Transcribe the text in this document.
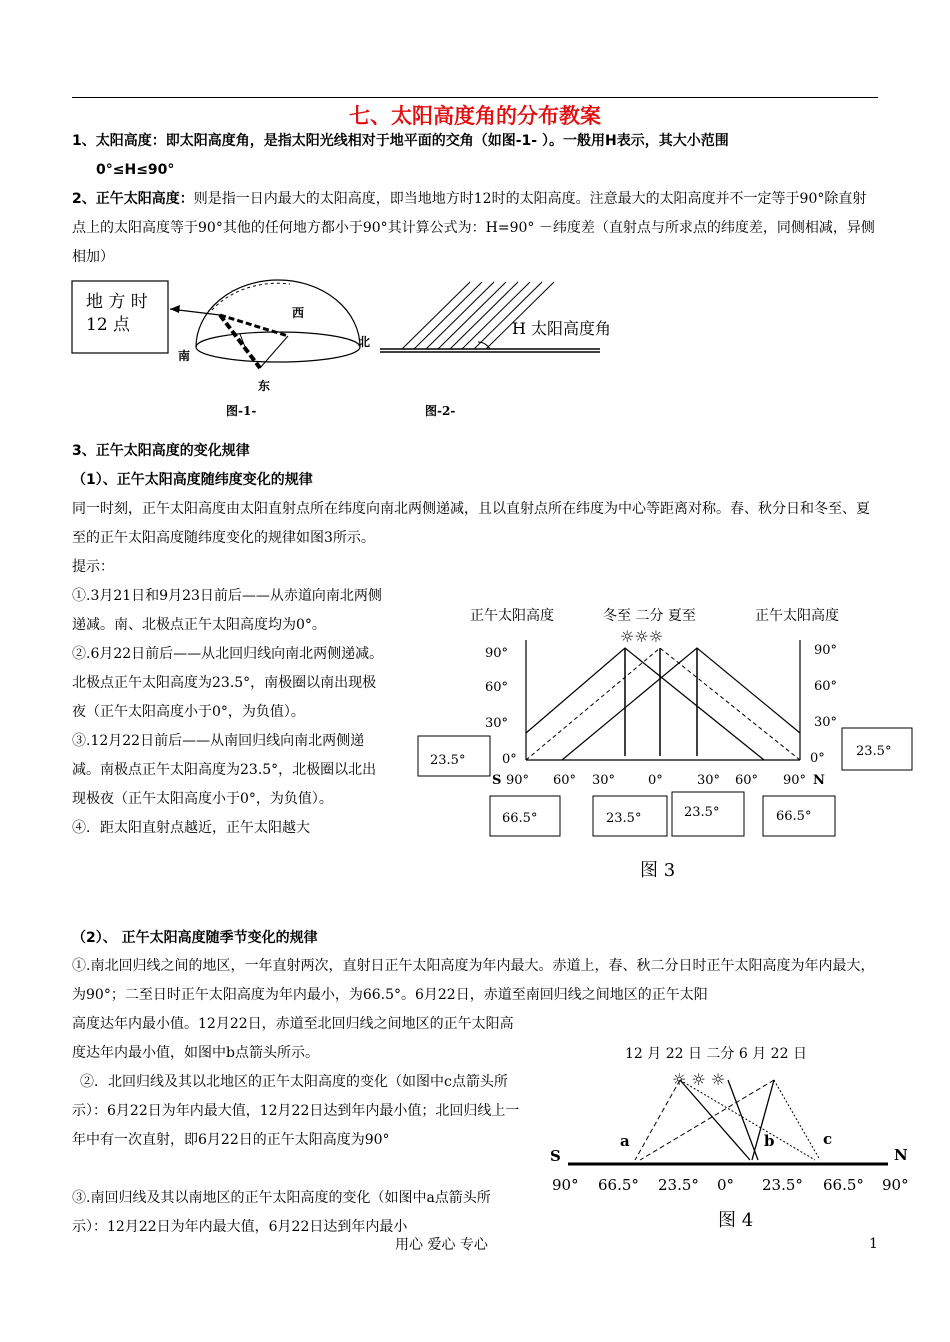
七、太阳高度角的分布教案
1、太阳高度：即太阳高度角，是指太阳光线相对于地平面的交角（如图-1- ）。一般用H表示，其大小范围
0°≤H≤90°
2、正午太阳高度：则是指一日内最大的太阳高度，即当地地方时12时的太阳高度。注意最大的太阳高度并不一定等于90°除直射点上的太阳高度等于90°其他的任何地方都小于90°其计算公式为：H=90° －纬度差（直射点与所求点的纬度差，同侧相减，异侧相加）
地 方 时
12 点
西
北
南
东
图-1-
H 太阳高度角
图-2-
3、正午太阳高度的变化规律
（1）、正午太阳高度随纬度变化的规律
同一时刻，正午太阳高度由太阳直射点所在纬度向南北两侧递减，且以直射点所在纬度为中心等距离对称。春、秋分日和冬至、夏至的正午太阳高度随纬度变化的规律如图3所示。
提示：
①.3月21日和9月23日前后——从赤道向南北两侧递减。南、北极点正午太阳高度均为0°。
②.6月22日前后——从北回归线向南北两侧递减。北极点正午太阳高度为23.5°，南极圈以南出现极夜（正午太阳高度小于0°，为负值）。
③.12月22日前后——从南回归线向南北两侧递减。南极点正午太阳高度为23.5°，北极圈以北出现极夜（正午太阳高度小于0°，为负值）。
④．距太阳直射点越近，正午太阳越大
正午太阳高度	正午太阳高度
冬至 二分 夏至
☼☼☼
90°
60°
30°
0°
90°
60°
30°
0°
S 90° 60° 30°	0°	30° 60° 90° N
23.5°
23.5°
66.5°	23.5°	23.5°	66.5°
图 3
（2）、 正午太阳高度随季节变化的规律
①.南北回归线之间的地区，一年直射两次，直射日正午太阳高度为年内最大。赤道上，春、秋二分日时正午太阳高度为年内最大，为90°；二至日时正午太阳高度为年内最小，为66.5°。6月22日，赤道至南回归线之间地区的正午太阳
高度达年内最小值。12月22日，赤道至北回归线之间地区的正午太阳高度达年内最小值，如图中b点箭头所示。
②．北回归线及其以北地区的正午太阳高度的变化（如图中c点箭头所示）：6月22日为年内最大值，12月22日达到年内最小值；北回归线上一年中有一次直射，即6月22日的正午太阳高度为90°
③.南回归线及其以南地区的正午太阳高度的变化（如图中a点箭头所示）：12月22日为年内最大值，6月22日达到年内最小
12 月 22 日 二分 6 月 22 日
☼ ☼ ☼
S	N
a	b	c
90° 66.5° 23.5° 0° 23.5° 66.5° 90°
图 4
用心 爱心 专心	1
